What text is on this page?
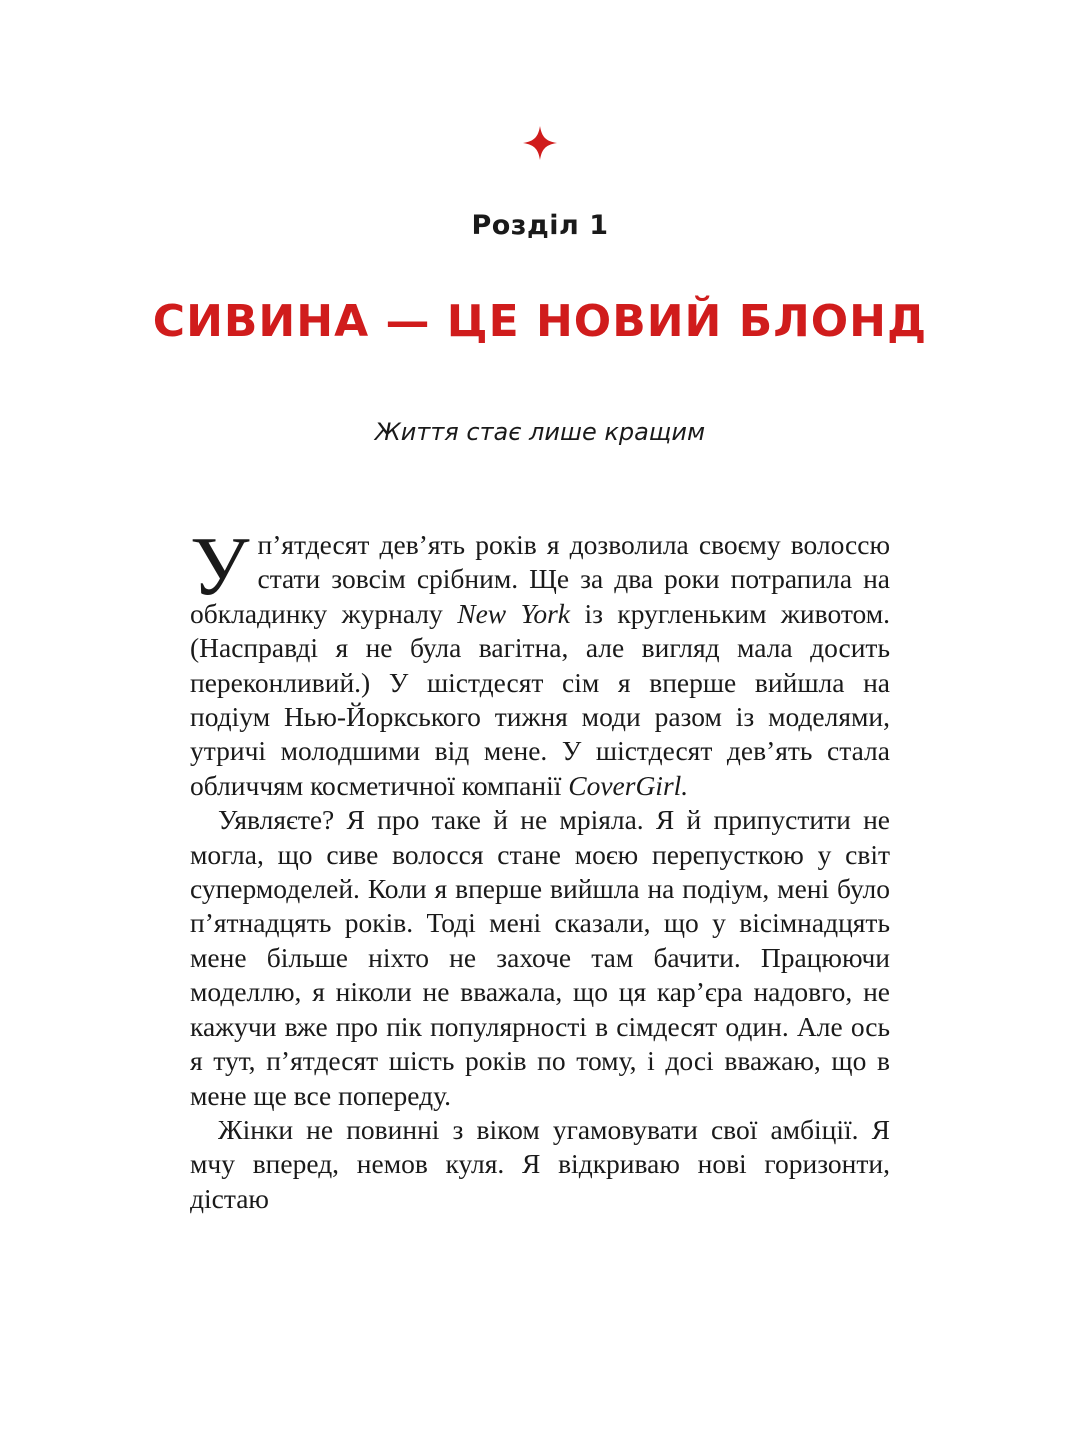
Розділ 1
СИВИНА — ЦЕ НОВИЙ БЛОНД
Життя стає лише кращим

У п’ятдесят дев’ять років я дозволила своєму волоссю стати зовсім срібним. Ще за два роки потрапила на обкладинку журналу New York із кругленьким животом. (Насправді я не була вагітна, але вигляд мала досить переконливий.) У шістдесят сім я вперше вийшла на подіум Нью-Йоркського тижня моди разом із моделями, утричі молодшими від мене. У шістдесят дев’ять стала обличчям косметичної компанії CoverGirl.

Уявляєте? Я про таке й не мріяла. Я й припустити не могла, що сиве волосся стане моєю перепусткою у світ супермоделей. Коли я вперше вийшла на подіум, мені було п’ятнадцять років. Тоді мені сказали, що у вісімнадцять мене більше ніхто не захоче там бачити. Працюючи моделлю, я ніколи не вважала, що ця кар’єра надовго, не кажучи вже про пік популярності в сімдесят один. Але ось я тут, п’ятдесят шість років по тому, і досі вважаю, що в мене ще все попереду.

Жінки не повинні з віком угамовувати свої амбіції. Я мчу вперед, немов куля. Я відкриваю нові горизонти, дістаю
